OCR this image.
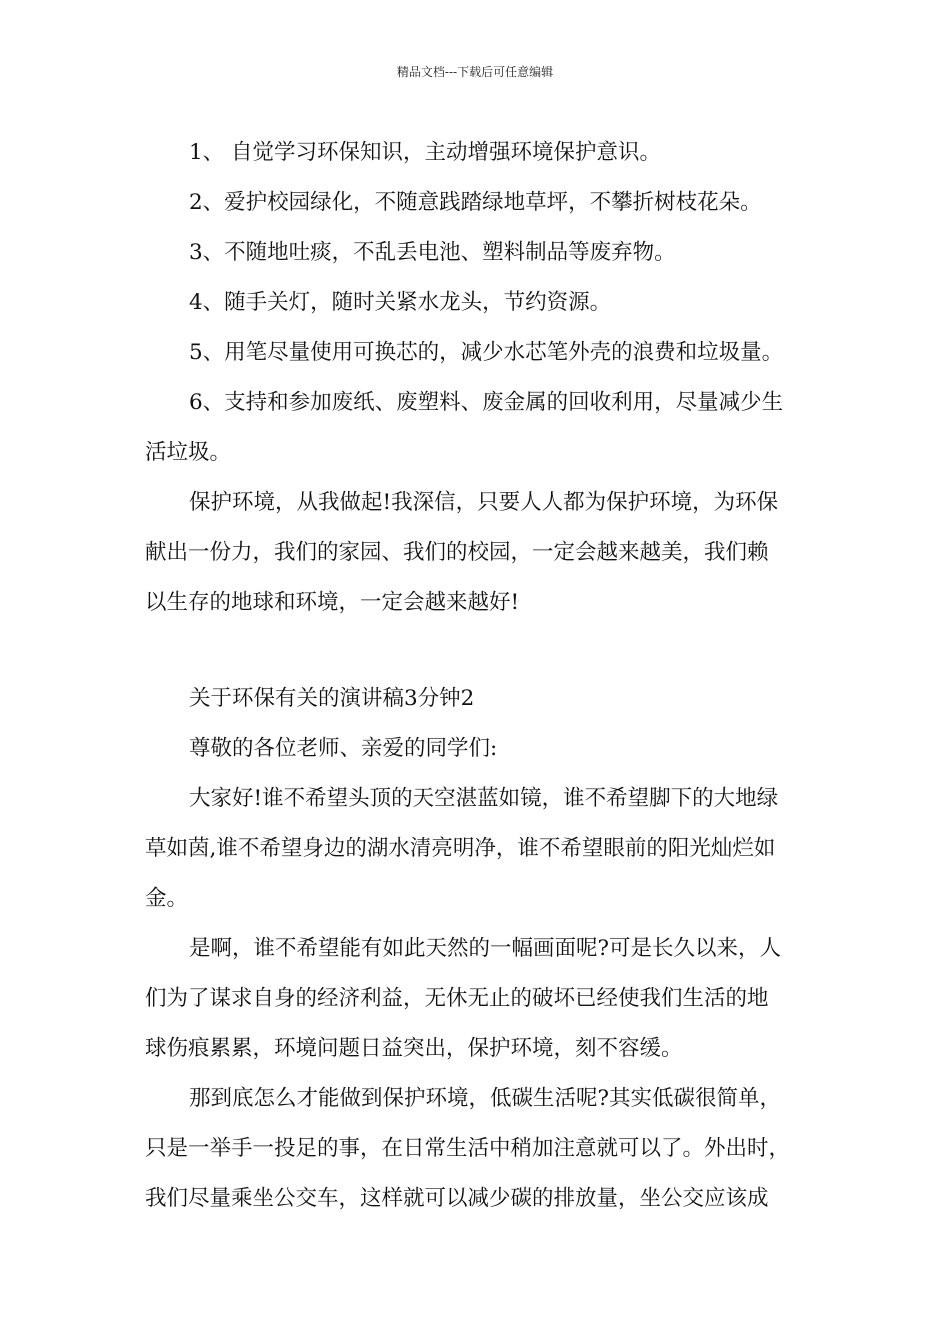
精品文档---下载后可任意编辑
1、 自觉学习环保知识，主动增强环境保护意识。
2、爱护校园绿化，不随意践踏绿地草坪，不攀折树枝花朵。
3、不随地吐痰，不乱丢电池、塑料制品等废弃物。
4、随手关灯，随时关紧水龙头，节约资源。
5、用笔尽量使用可换芯的，减少水芯笔外壳的浪费和垃圾量。
6、支持和参加废纸、废塑料、废金属的回收利用，尽量减少生
活垃圾。
保护环境，从我做起!我深信，只要人人都为保护环境，为环保
献出一份力，我们的家园、我们的校园，一定会越来越美，我们赖
以生存的地球和环境，一定会越来越好!
关于环保有关的演讲稿3分钟2
尊敬的各位老师、亲爱的同学们:
大家好!谁不希望头顶的天空湛蓝如镜，谁不希望脚下的大地绿
草如茵,谁不希望身边的湖水清亮明净，谁不希望眼前的阳光灿烂如
金。
是啊，谁不希望能有如此天然的一幅画面呢?可是长久以来，人
们为了谋求自身的经济利益，无休无止的破坏已经使我们生活的地
球伤痕累累，环境问题日益突出，保护环境，刻不容缓。
那到底怎么才能做到保护环境，低碳生活呢?其实低碳很简单，
只是一举手一投足的事，在日常生活中稍加注意就可以了。外出时，
我们尽量乘坐公交车，这样就可以减少碳的排放量，坐公交应该成
